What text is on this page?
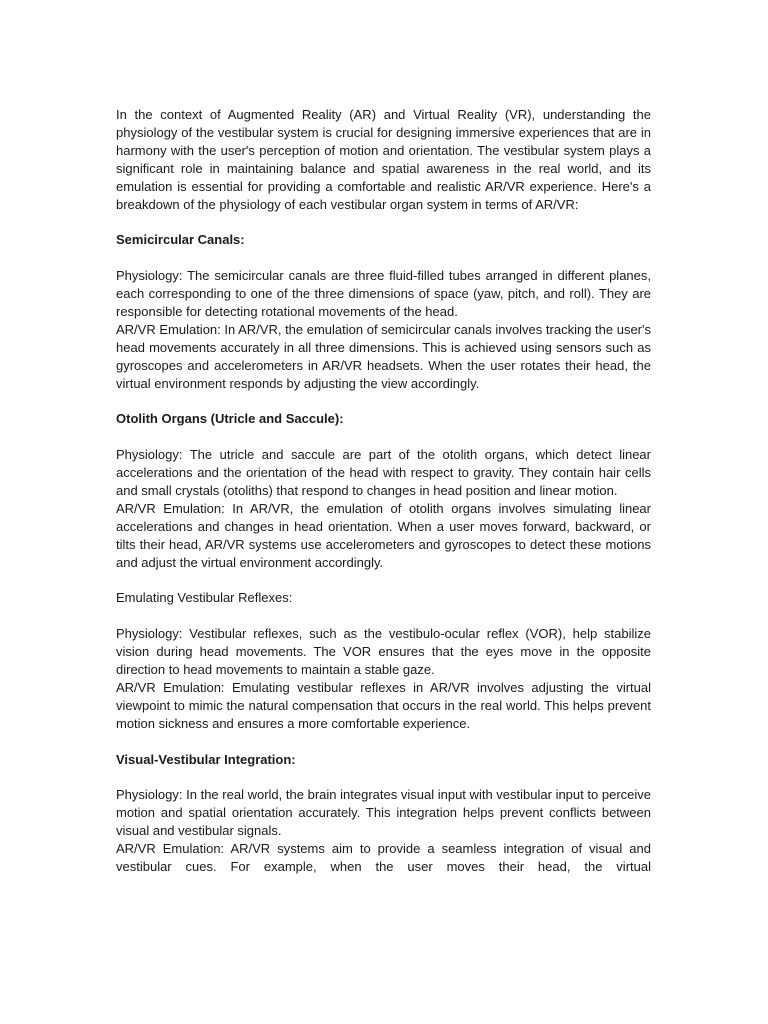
In the context of Augmented Reality (AR) and Virtual Reality (VR), understanding the physiology of the vestibular system is crucial for designing immersive experiences that are in harmony with the user's perception of motion and orientation. The vestibular system plays a significant role in maintaining balance and spatial awareness in the real world, and its emulation is essential for providing a comfortable and realistic AR/VR experience. Here's a breakdown of the physiology of each vestibular organ system in terms of AR/VR:

Semicircular Canals:

Physiology: The semicircular canals are three fluid-filled tubes arranged in different planes, each corresponding to one of the three dimensions of space (yaw, pitch, and roll). They are responsible for detecting rotational movements of the head.

AR/VR Emulation: In AR/VR, the emulation of semicircular canals involves tracking the user's head movements accurately in all three dimensions. This is achieved using sensors such as gyroscopes and accelerometers in AR/VR headsets. When the user rotates their head, the virtual environment responds by adjusting the view accordingly.

Otolith Organs (Utricle and Saccule):

Physiology: The utricle and saccule are part of the otolith organs, which detect linear accelerations and the orientation of the head with respect to gravity. They contain hair cells and small crystals (otoliths) that respond to changes in head position and linear motion.

AR/VR Emulation: In AR/VR, the emulation of otolith organs involves simulating linear accelerations and changes in head orientation. When a user moves forward, backward, or tilts their head, AR/VR systems use accelerometers and gyroscopes to detect these motions and adjust the virtual environment accordingly.

Emulating Vestibular Reflexes:

Physiology: Vestibular reflexes, such as the vestibulo-ocular reflex (VOR), help stabilize vision during head movements. The VOR ensures that the eyes move in the opposite direction to head movements to maintain a stable gaze.

AR/VR Emulation: Emulating vestibular reflexes in AR/VR involves adjusting the virtual viewpoint to mimic the natural compensation that occurs in the real world. This helps prevent motion sickness and ensures a more comfortable experience.

Visual-Vestibular Integration:

Physiology: In the real world, the brain integrates visual input with vestibular input to perceive motion and spatial orientation accurately. This integration helps prevent conflicts between visual and vestibular signals.

AR/VR Emulation: AR/VR systems aim to provide a seamless integration of visual and vestibular cues. For example, when the user moves their head, the virtual
